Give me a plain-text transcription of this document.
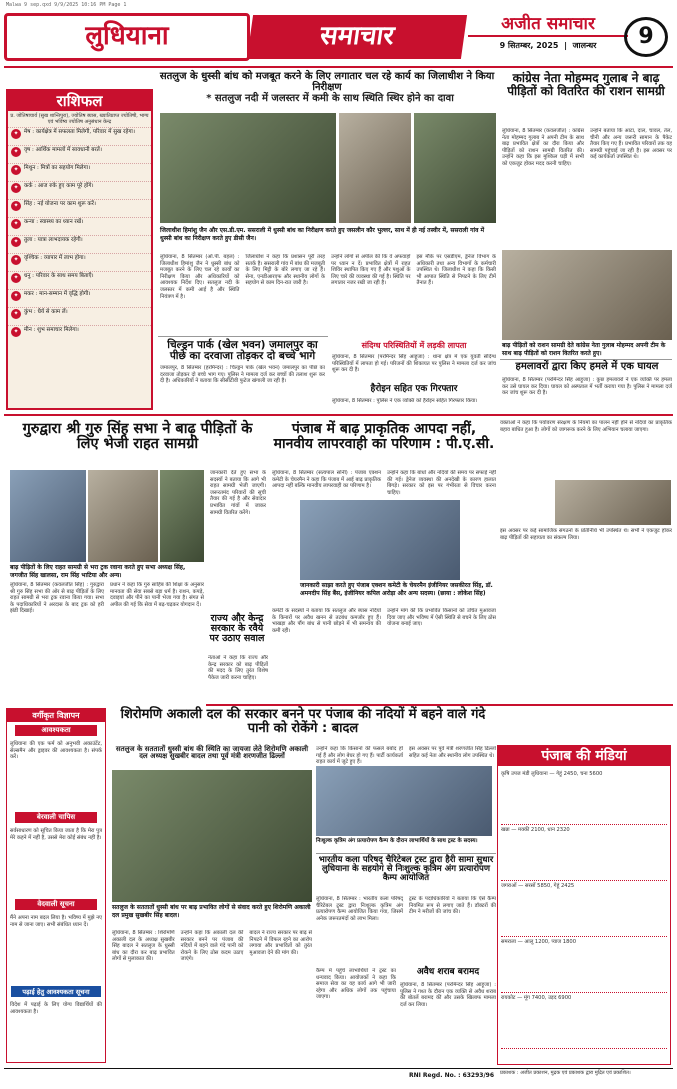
Malwa 9 sep.qxd 9/9/2025 10:16 PM Page 1
लुधियाना	समाचार	अजीत समाचार
9 सितम्बर, 2025  |  जालन्धर	9
राशिफल
प्र. जोतिषाचार्य (सुख शान्तिपुरा), ज्योतिष ब्यास, ख्यातिप्राप्त ज्योतिषी, भाग्य एवं भविष्य ज्योतिष अनुसंधान केन्द्र
✦ मेष : कार्यक्षेत्र में सफलता मिलेगी, परिवार में सुख रहेगा।
✦ वृष : आर्थिक मामलों में सावधानी बरतें।
✦ मिथुन : मित्रों का सहयोग मिलेगा।
✦ कर्क : आज रुके हुए काम पूरे होंगे।
✦ सिंह : नई योजना पर काम शुरू करें।
✦ कन्या : स्वास्थ्य का ध्यान रखें।
✦ तुला : यात्रा लाभदायक रहेगी।
✦ वृश्चिक : व्यापार में लाभ होगा।
✦ धनु : परिवार के साथ समय बिताएँ।
✦ मकर : मान-सम्मान में वृद्धि होगी।
✦ कुंभ : धैर्य से काम लें।
✦ मीन : शुभ समाचार मिलेगा।
सतलुज के धुस्सी बांध को मजबूत करने के लिए लगातार चल रहे कार्य का जिलाधीश ने किया निरीक्षण
* सतलुज नदी में जलस्तर में कमी के साथ स्थिति स्थिर होने का दावा
जिलाधीश हिमांशु जैन और एस.डी.एम. ससराली में धुस्सी बांध का निरीक्षण करते हुए जसलीन कौर भुल्लर, साथ में ही नई तस्वीर में, ससराली गांव में धुस्सी बांध का निरीक्षण करते हुए डीसी जैन।
लुधियाना, 8 सितम्बर (ओ.पी. बहल) : जिलाधीश हिमांशु जैन ने धुस्सी बांध को मजबूत करने के लिए चल रहे कार्यों का निरीक्षण किया और अधिकारियों को आवश्यक निर्देश दिए। सतलुज नदी के जलस्तर में कमी आई है और स्थिति नियंत्रण में है।
जिलाधीश ने कहा कि प्रशासन पूरी तरह सतर्क है। ससराली गांव में बांध की मजबूती के लिए मिट्टी के बोरे लगाए जा रहे हैं। सेना, एनडीआरएफ और स्थानीय लोगों के सहयोग से काम दिन-रात जारी है।
उन्होंने लोगों से अपील की कि वे अफवाहों पर ध्यान न दें। प्रभावित क्षेत्रों में राहत शिविर स्थापित किए गए हैं और पशुओं के लिए चारे की व्यवस्था की गई है। स्थिति पर लगातार नजर रखी जा रही है।
इस मौके पर एसडीएम, ड्रेनेज विभाग के अधिकारी तथा अन्य विभागों के कर्मचारी उपस्थित थे। जिलाधीश ने कहा कि किसी भी आपात स्थिति से निपटने के लिए टीमें तैनात हैं।
चिल्ड्रन पार्क (खेल भवन) जमालपुर का पीछे का दरवाजा तोड़कर दो बच्चे भागे
जमालपुर, 8 सितम्बर (हरमिन्दर) : चिल्ड्रन पार्क (खेल भवन) जमालपुर का पीछे का दरवाजा तोड़कर दो बच्चे भाग गए। पुलिस ने मामला दर्ज कर बच्चों की तलाश शुरू कर दी है। अधिकारियों ने बताया कि सीसीटीवी फुटेज खंगाली जा रही है।
संदिग्ध परिस्थितियों में लड़की लापता
लुधियाना, 8 सितम्बर (परमिन्दर सिंह आहूजा) : थाना क्षेत्र में एक युवती संदिग्ध परिस्थितियों में लापता हो गई। परिजनों की शिकायत पर पुलिस ने मामला दर्ज कर जांच शुरू कर दी है।
हैरोइन सहित एक गिरफ्तार
लुधियाना, 8 सितम्बर : पुलिस ने एक व्यक्ति को हैरोइन सहित गिरफ्तार किया।
कांग्रेस नेता मोहम्मद गुलाब ने बाढ़ पीड़ितों को वितरित की राशन सामग्री
लुधियाना, 8 सितम्बर (कवलजीत) : कांग्रेस नेता मोहम्मद गुलाब ने अपनी टीम के साथ बाढ़ प्रभावित क्षेत्रों का दौरा किया और पीड़ितों को राशन सामग्री वितरित की। उन्होंने कहा कि इस मुश्किल घड़ी में सभी को एकजुट होकर मदद करनी चाहिए।
उन्होंने बताया कि आटा, दाल, चावल, तेल, चीनी और अन्य जरूरी सामान के पैकेट तैयार किए गए हैं। प्रभावित परिवारों तक यह सामग्री पहुंचाई जा रही है। इस अवसर पर कई कार्यकर्ता उपस्थित थे।
बाढ़ पीड़ितों को राशन सामग्री देते कांग्रेस नेता गुलाब मोहम्मद अपनी टीम के साथ बाढ़ पीड़ितों को राशन वितरित करते हुए।
हमलावरों द्वारा किए हमले में एक घायल
लुधियाना, 8 सितम्बर (परमिन्दर सिंह आहूजा) : कुछ हमलावरों ने एक व्यक्ति पर हमला कर उसे घायल कर दिया। घायल को अस्पताल में भर्ती कराया गया है। पुलिस ने मामला दर्ज कर जांच शुरू कर दी है।
गुरुद्वारा श्री गुरु सिंह सभा ने बाढ़ पीड़ितों के लिए भेजी राहत सामग्री
बाढ़ पीड़ितों के लिए राहत सामग्री से भरा ट्रक रवाना करते हुए सभा अध्यक्ष सिंह, जगजीत सिंह खालसा, राम सिंह भाटिया और अन्य।
लुधियाना, 8 सितम्बर (कवलजीत सिंह) : गुरुद्वारा श्री गुरु सिंह सभा की ओर से बाढ़ पीड़ितों के लिए राहत सामग्री से भरा ट्रक रवाना किया गया। सभा के पदाधिकारियों ने अरदास के बाद ट्रक को हरी झंडी दिखाई।
प्रधान ने कहा कि गुरु साहिब की शिक्षा के अनुसार मानवता की सेवा सबसे बड़ा धर्म है। राशन, कपड़े, दवाइयां और पीने का पानी भेजा गया है। संगत से अपील की गई कि सेवा में बढ़-चढ़कर योगदान दें।
जानकारी देते हुए सभा के सदस्यों ने बताया कि आगे भी राहत सामग्री भेजी जाएगी। जरूरतमंद परिवारों की सूची तैयार की गई है और सेवादार प्रभावित गांवों में जाकर सामग्री वितरित करेंगे।
राज्य और केन्द्र सरकार के रवैये पर उठाए सवाल
नेताओं ने कहा कि राज्य और केन्द्र सरकार को बाढ़ पीड़ितों की मदद के लिए तुरंत विशेष पैकेज जारी करना चाहिए।
पंजाब में बाढ़ प्राकृतिक आपदा नहीं, मानवीय लापरवाही का परिणाम : पी.ए.सी.
लुधियाना, 8 सितम्बर (सत्यपाल सोनी) : पंजाब एक्शन कमेटी के चेयरमैन ने कहा कि पंजाब में आई बाढ़ प्राकृतिक आपदा नहीं बल्कि मानवीय लापरवाही का परिणाम है।
उन्होंने कहा कि बांधों और नदियों की समय पर सफाई नहीं की गई। ड्रेनेज व्यवस्था की अनदेखी के कारण हालात बिगड़े। सरकार को इस पर गंभीरता से विचार करना चाहिए।
जानकारी साझा करते हुए पंजाब एक्शन कमेटी के चेयरमैन इंजीनियर जसकीरत सिंह, डॉ. अमनदीप सिंह बैंस, इंजीनियर कपिल अरोड़ा और अन्य सदस्य। (छाया : लोकेश सिंह)
कमेटी के सदस्यों ने बताया कि सतलुज और ब्यास नदियों के किनारों पर अवैध खनन से तटबंध कमजोर हुए हैं। भाखड़ा और पौंग बांध से पानी छोड़ने में भी समन्वय की कमी रही।
उन्होंने मांग की कि प्रभावित किसानों को उचित मुआवजा दिया जाए और भविष्य में ऐसी स्थिति से बचने के लिए ठोस योजना बनाई जाए।
वक्ताओं ने कहा कि पर्यावरण संरक्षण के नियमों का पालन नहीं होने से नदियों का प्राकृतिक बहाव बाधित हुआ है। लोगों को जागरूक करने के लिए अभियान चलाया जाएगा।
इस अवसर पर कई सामाजिक संगठनों के प्रतिनिधि भी उपस्थित थे। सभी ने एकजुट होकर बाढ़ पीड़ितों की सहायता का संकल्प लिया।
वर्गीकृत विज्ञापन
आवश्यकता
लुधियाना की एक फर्म को अनुभवी अकाउंटेंट, सेल्समैन और ड्राइवर की आवश्यकता है। संपर्क करें।
बेरवाली चापिस
सर्वसाधारण को सूचित किया जाता है कि मेरा पुत्र मेरे कहने में नहीं है, उससे मेरा कोई संबंध नहीं है।
वेदवाली सूचना
मैंने अपना नाम बदल लिया है। भविष्य में मुझे नए नाम से जाना जाए। सभी संबंधित ध्यान दें।
पढ़ाई हेतु आवश्यकता सूचना
विदेश में पढ़ाई के लिए योग्य विद्यार्थियों की आवश्यकता है।
शिरोमणि अकाली दल की सरकार बनने पर पंजाब की नदियों में बहने वाले गंदे पानी को रोकेंगे : बादल
सतलुज के सततातों धुस्सी बांध की स्थिति का जायजा लेते शिरोमणि अकाली दल अध्यक्ष सुखबीर बादल तथा पूर्व मंत्री शरणजीत ढिल्लों
सतलुज के सततातों धुस्सी बांध पर बाढ़ प्रभावित लोगों से संवाद करते हुए शिरोमणि अकाली दल प्रमुख सुखबीर सिंह बादल।
लुधियाना, 8 सितम्बर : शिरोमणि अकाली दल के अध्यक्ष सुखबीर सिंह बादल ने सतलुज के धुस्सी बांध का दौरा कर बाढ़ प्रभावित लोगों से मुलाकात की।
उन्होंने कहा कि अकाली दल की सरकार बनने पर पंजाब की नदियों में बहने वाले गंदे पानी को रोकने के लिए ठोस कदम उठाए जाएंगे।
बादल ने राज्य सरकार पर बाढ़ से निपटने में विफल रहने का आरोप लगाया और प्रभावितों को तुरंत मुआवजा देने की मांग की।
उन्होंने कहा कि किसानों की फसलें बर्बाद हो गई हैं और लोग बेघर हो गए हैं। पार्टी कार्यकर्ता राहत कार्य में जुटे हुए हैं।
इस अवसर पर पूर्व मंत्री शरणजीत सिंह ढिल्लों सहित कई नेता और स्थानीय लोग उपस्थित थे।
निःशुल्क कृत्रिम अंग प्रत्यारोपण कैम्प के दौरान लाभार्थियों के साथ ट्रस्ट के सदस्य।
भारतीय कला परिषद् चैरिटेबल ट्रस्ट द्वारा हैरी सामा सुधार लुधियाना के सहयोग से निःशुल्क कृत्रिम अंग प्रत्यारोपण कैम्प आयोजित
लुधियाना, 8 सितम्बर : भारतीय कला परिषद् चैरिटेबल ट्रस्ट द्वारा निःशुल्क कृत्रिम अंग प्रत्यारोपण कैम्प आयोजित किया गया, जिसमें अनेक जरूरतमंदों को लाभ मिला।
ट्रस्ट के पदाधिकारियों ने बताया कि ऐसे कैम्प नियमित रूप से लगाए जाते हैं। डॉक्टरों की टीम ने मरीजों की जांच की।
अवैध शराब बरामद
लुधियाना, 8 सितम्बर (परमिन्दर सिंह आहूजा) : पुलिस ने गश्त के दौरान एक व्यक्ति से अवैध शराब की बोतलें बरामद कीं और उसके खिलाफ मामला दर्ज कर लिया।
कैम्प में पहुंचे लाभार्थियों ने ट्रस्ट का धन्यवाद किया। आयोजकों ने कहा कि समाज सेवा का यह कार्य आगे भी जारी रहेगा और अधिक लोगों तक पहुंचाया जाएगा।
पंजाब की मंडियां
कृषि उपज मंडी लुधियाना — गेहूं 2450, चना 5600
खन्ना — मक्की 2100, धान 2320
जगराओं — सरसों 5850, गेहूं 2425
समराला — आलू 1200, प्याज 1800
रायकोट — मूंग 7400, उड़द 6900
प्रकाशक : अजीत प्रकाशन, मुद्रक एवं प्रकाशक द्वारा मुद्रित एवं प्रकाशित।
RNI Regd. No. : 63293/96
